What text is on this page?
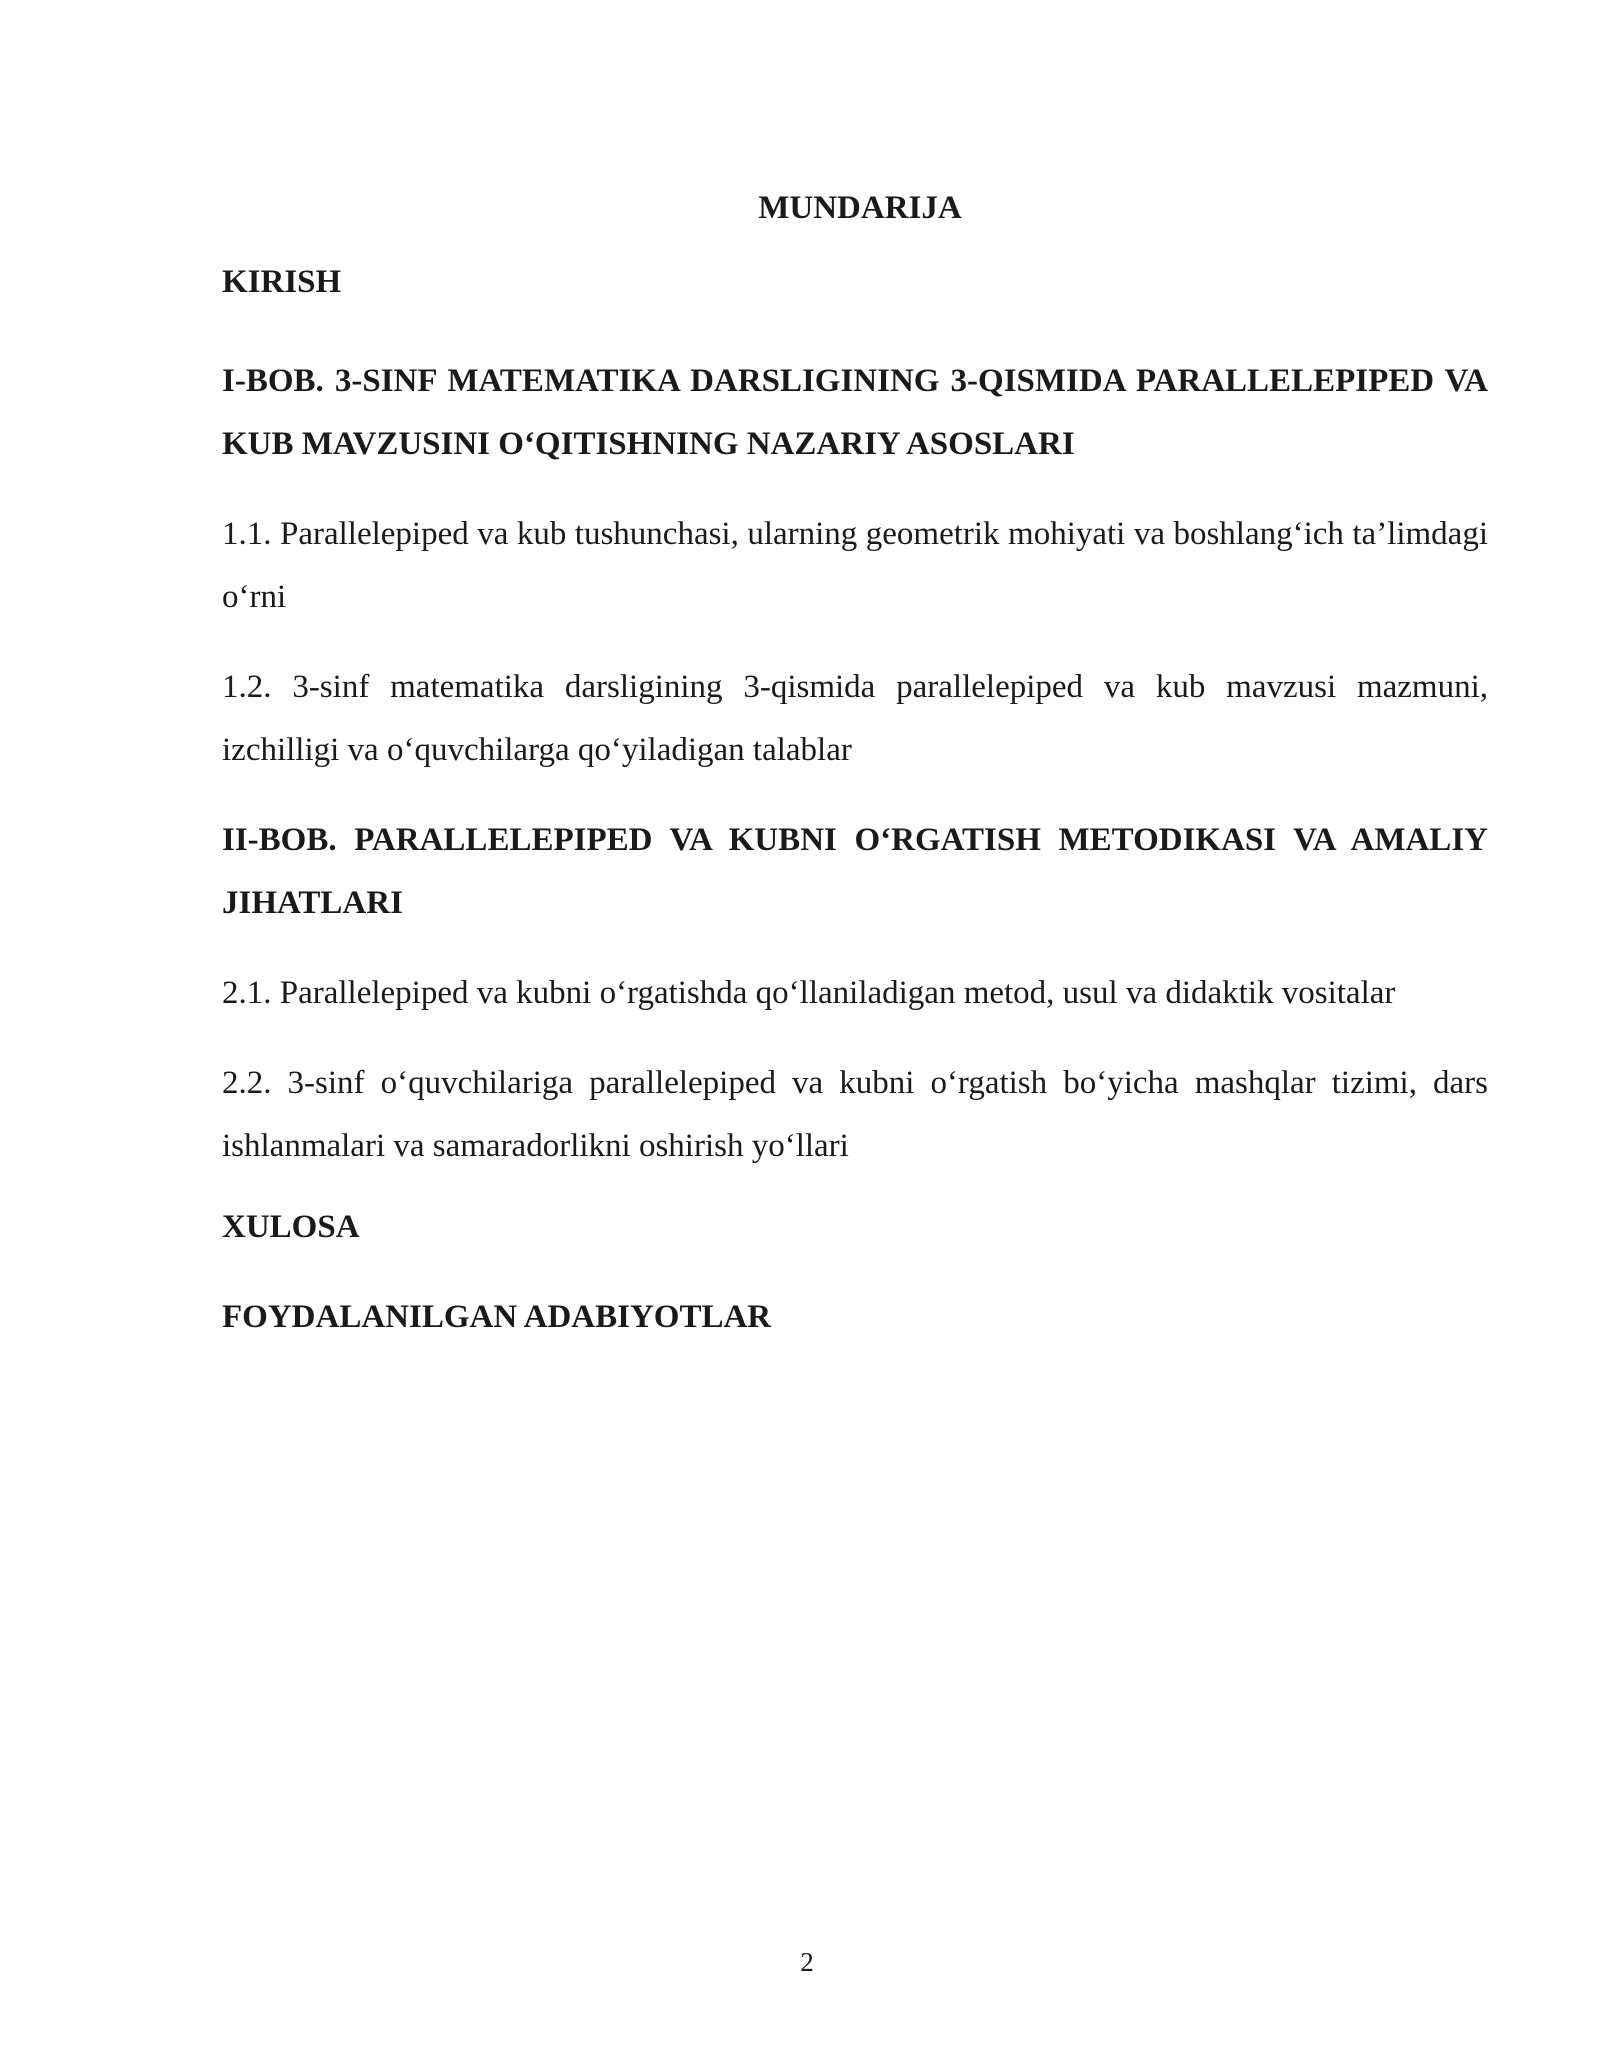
MUNDARIJA
KIRISH
I-BOB. 3-SINF MATEMATIKA DARSLIGINING 3-QISMIDA PARALLELEPIPED VA KUB MAVZUSINI O‘QITISHNING NAZARIY ASOSLARI
1.1. Parallelepiped va kub tushunchasi, ularning geometrik mohiyati va boshlang‘ich ta’limdagi o‘rni
1.2. 3-sinf matematika darsligining 3-qismida parallelepiped va kub mavzusi mazmuni, izchilligi va o‘quvchilarga qo‘yiladigan talablar
II-BOB. PARALLELEPIPED VA KUBNI O‘RGATISH METODIKASI VA AMALIY JIHATLARI
2.1. Parallelepiped va kubni o‘rgatishda qo‘llaniladigan metod, usul va didaktik vositalar
2.2. 3-sinf o‘quvchilariga parallelepiped va kubni o‘rgatish bo‘yicha mashqlar tizimi, dars ishlanmalari va samaradorlikni oshirish yo‘llari
XULOSA
FOYDALANILGAN ADABIYOTLAR
2
